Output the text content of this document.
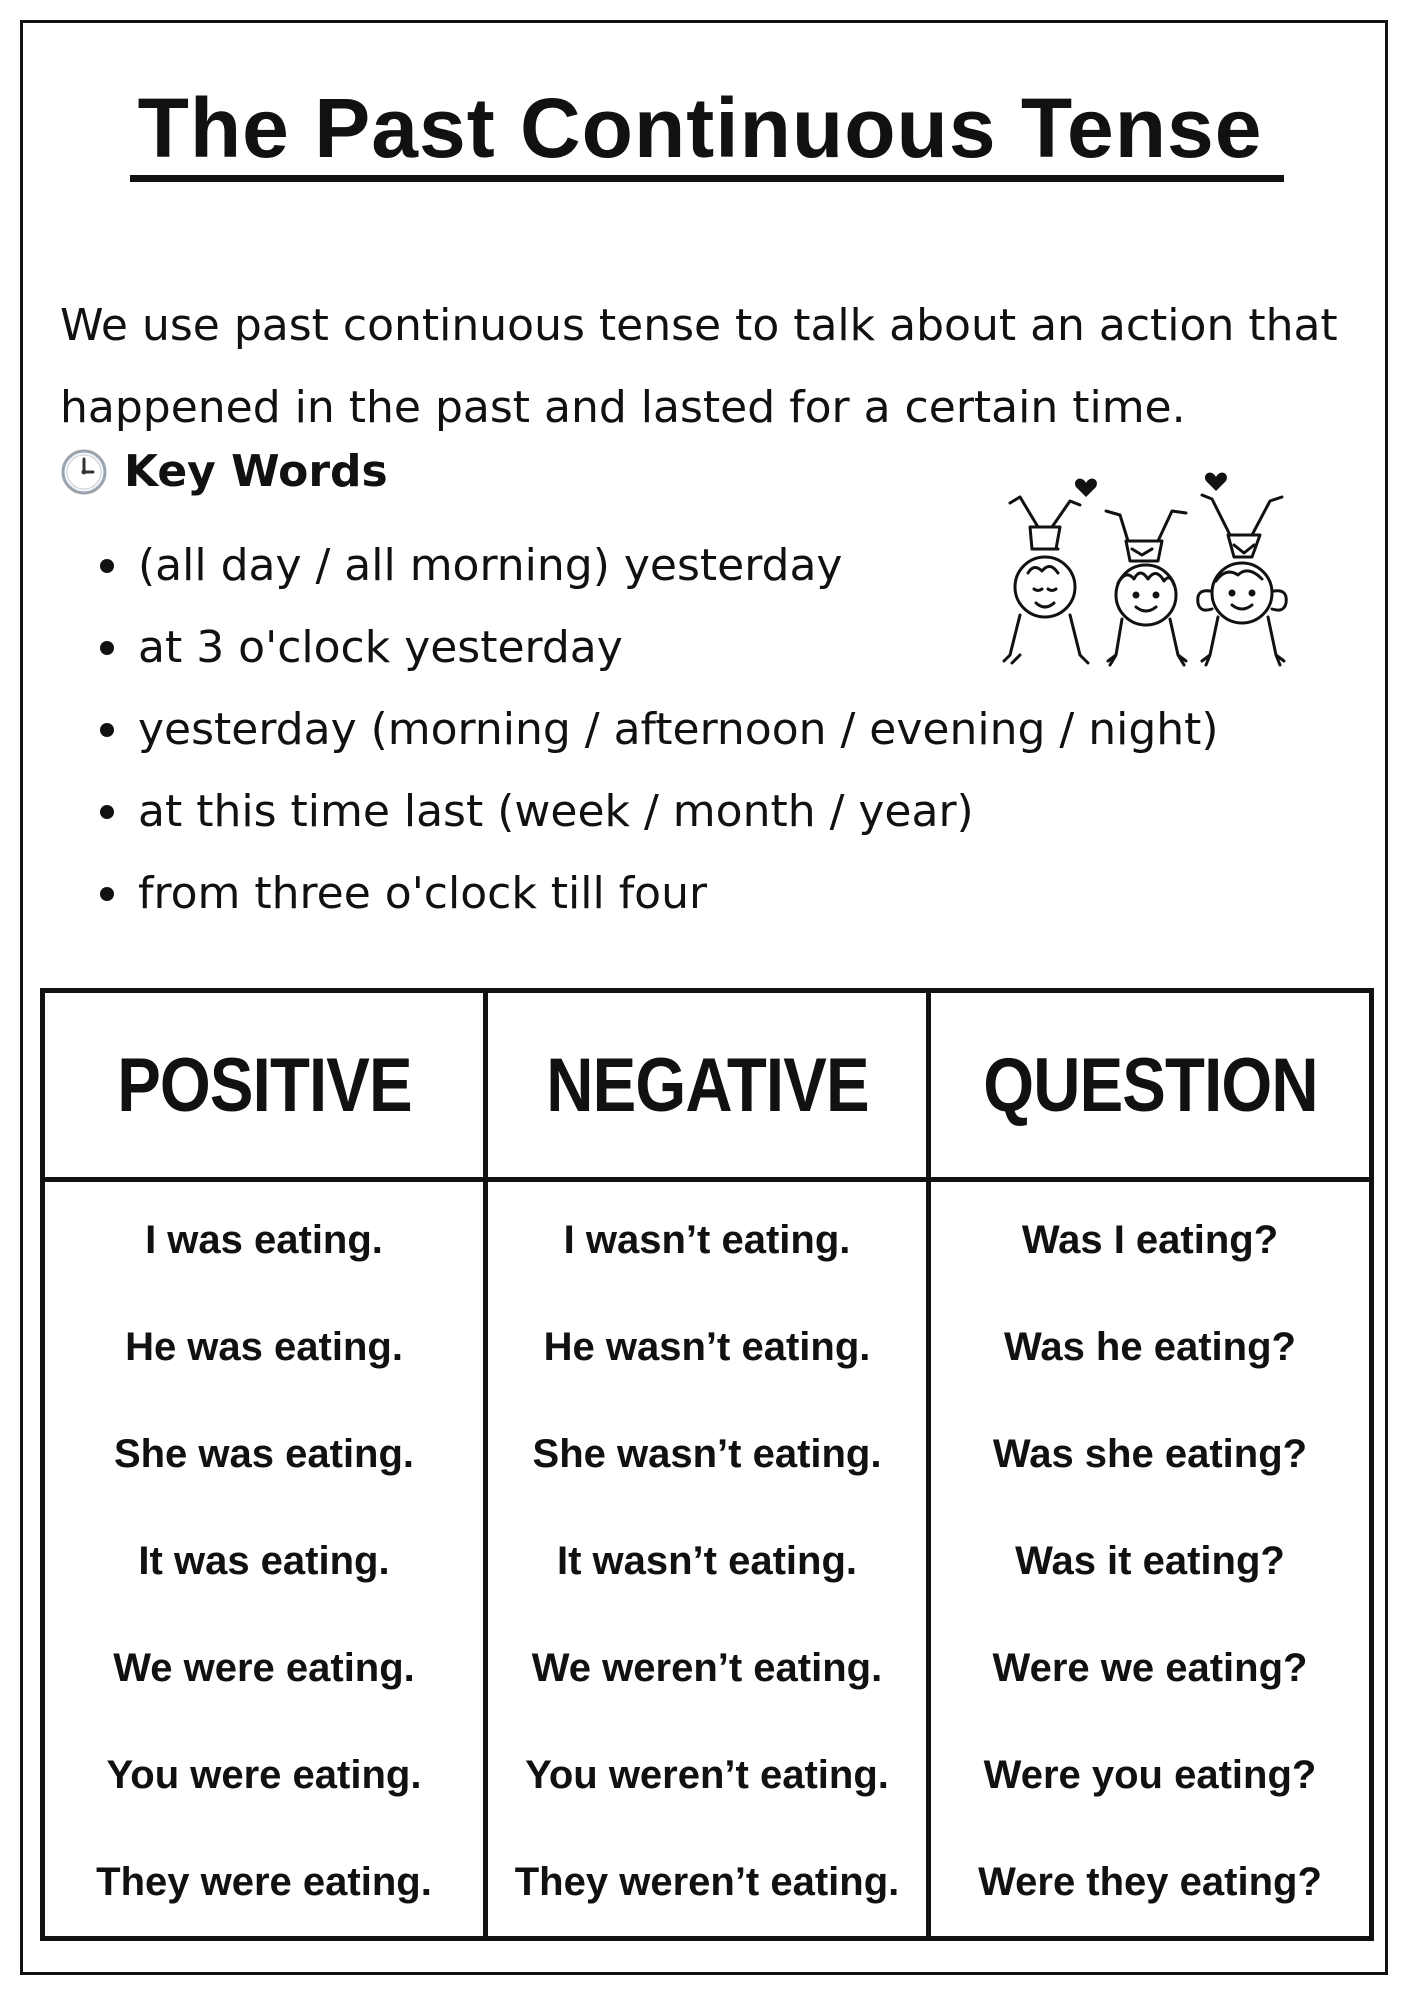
The Past Continuous Tense
We use past continuous tense to talk about an action that happened in the past and lasted for a certain time.
Key Words
(all day / all morning) yesterday
at 3 o'clock yesterday
yesterday (morning / afternoon / evening / night)
at this time last (week / month / year)
from three o'clock till four
POSITIVE	NEGATIVE	QUESTION
I was eating.	I wasn’t eating.	Was I eating?
He was eating.	He wasn’t eating.	Was he eating?
She was eating.	She wasn’t eating.	Was she eating?
It was eating.	It wasn’t eating.	Was it eating?
We were eating.	We weren’t eating.	Were we eating?
You were eating.	You weren’t eating.	Were you eating?
They were eating.	They weren’t eating.	Were they eating?
